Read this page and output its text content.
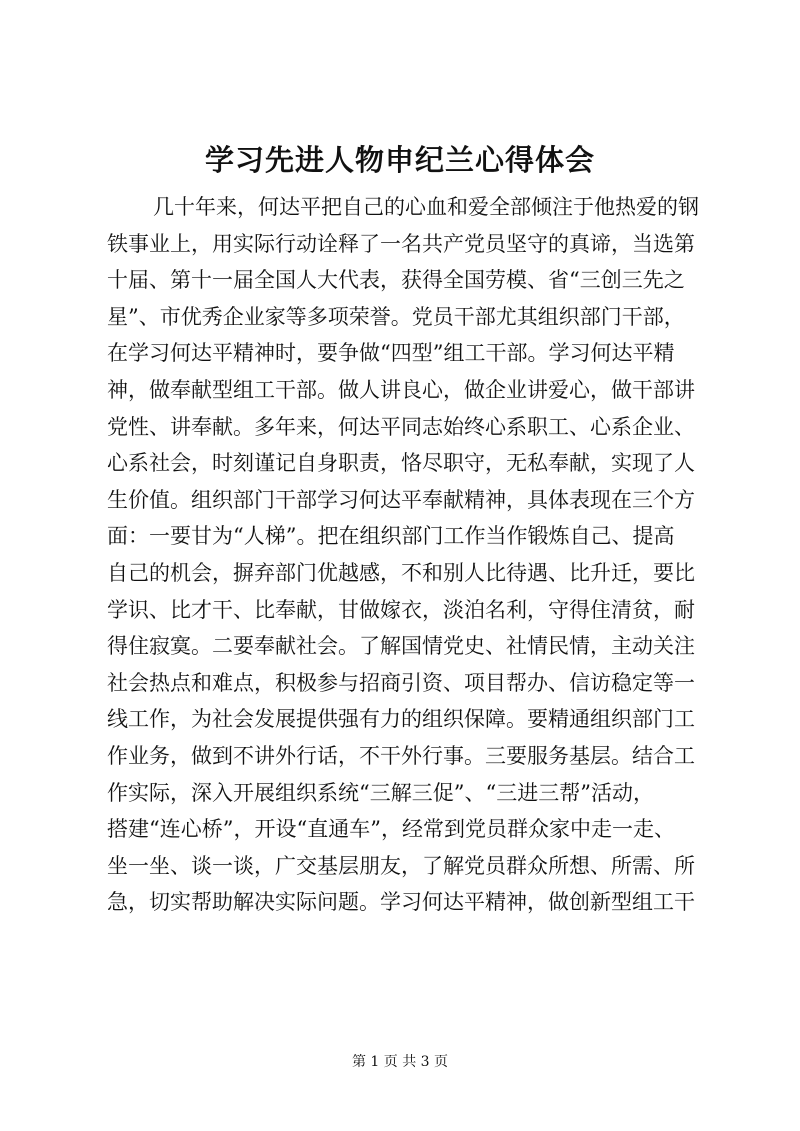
学习先进人物申纪兰心得体会
几十年来，何达平把自己的心血和爱全部倾注于他热爱的钢
铁事业上，用实际行动诠释了一名共产党员坚守的真谛，当选第
十届、第十一届全国人大代表，获得全国劳模、省“三创三先之
星”、市优秀企业家等多项荣誉。党员干部尤其组织部门干部，
在学习何达平精神时，要争做“四型”组工干部。学习何达平精
神，做奉献型组工干部。做人讲良心，做企业讲爱心，做干部讲
党性、讲奉献。多年来，何达平同志始终心系职工、心系企业、
心系社会，时刻谨记自身职责，恪尽职守，无私奉献，实现了人
生价值。组织部门干部学习何达平奉献精神，具体表现在三个方
面：一要甘为“人梯”。把在组织部门工作当作锻炼自己、提高
自己的机会，摒弃部门优越感，不和别人比待遇、比升迁，要比
学识、比才干、比奉献，甘做嫁衣，淡泊名利，守得住清贫，耐
得住寂寞。二要奉献社会。了解国情党史、社情民情，主动关注
社会热点和难点，积极参与招商引资、项目帮办、信访稳定等一
线工作，为社会发展提供强有力的组织保障。要精通组织部门工
作业务，做到不讲外行话，不干外行事。三要服务基层。结合工
作实际，深入开展组织系统“三解三促”、“三进三帮”活动，
搭建“连心桥”，开设“直通车”，经常到党员群众家中走一走、
坐一坐、谈一谈，广交基层朋友，了解党员群众所想、所需、所
急，切实帮助解决实际问题。学习何达平精神，做创新型组工干
第 1 页 共 3 页
